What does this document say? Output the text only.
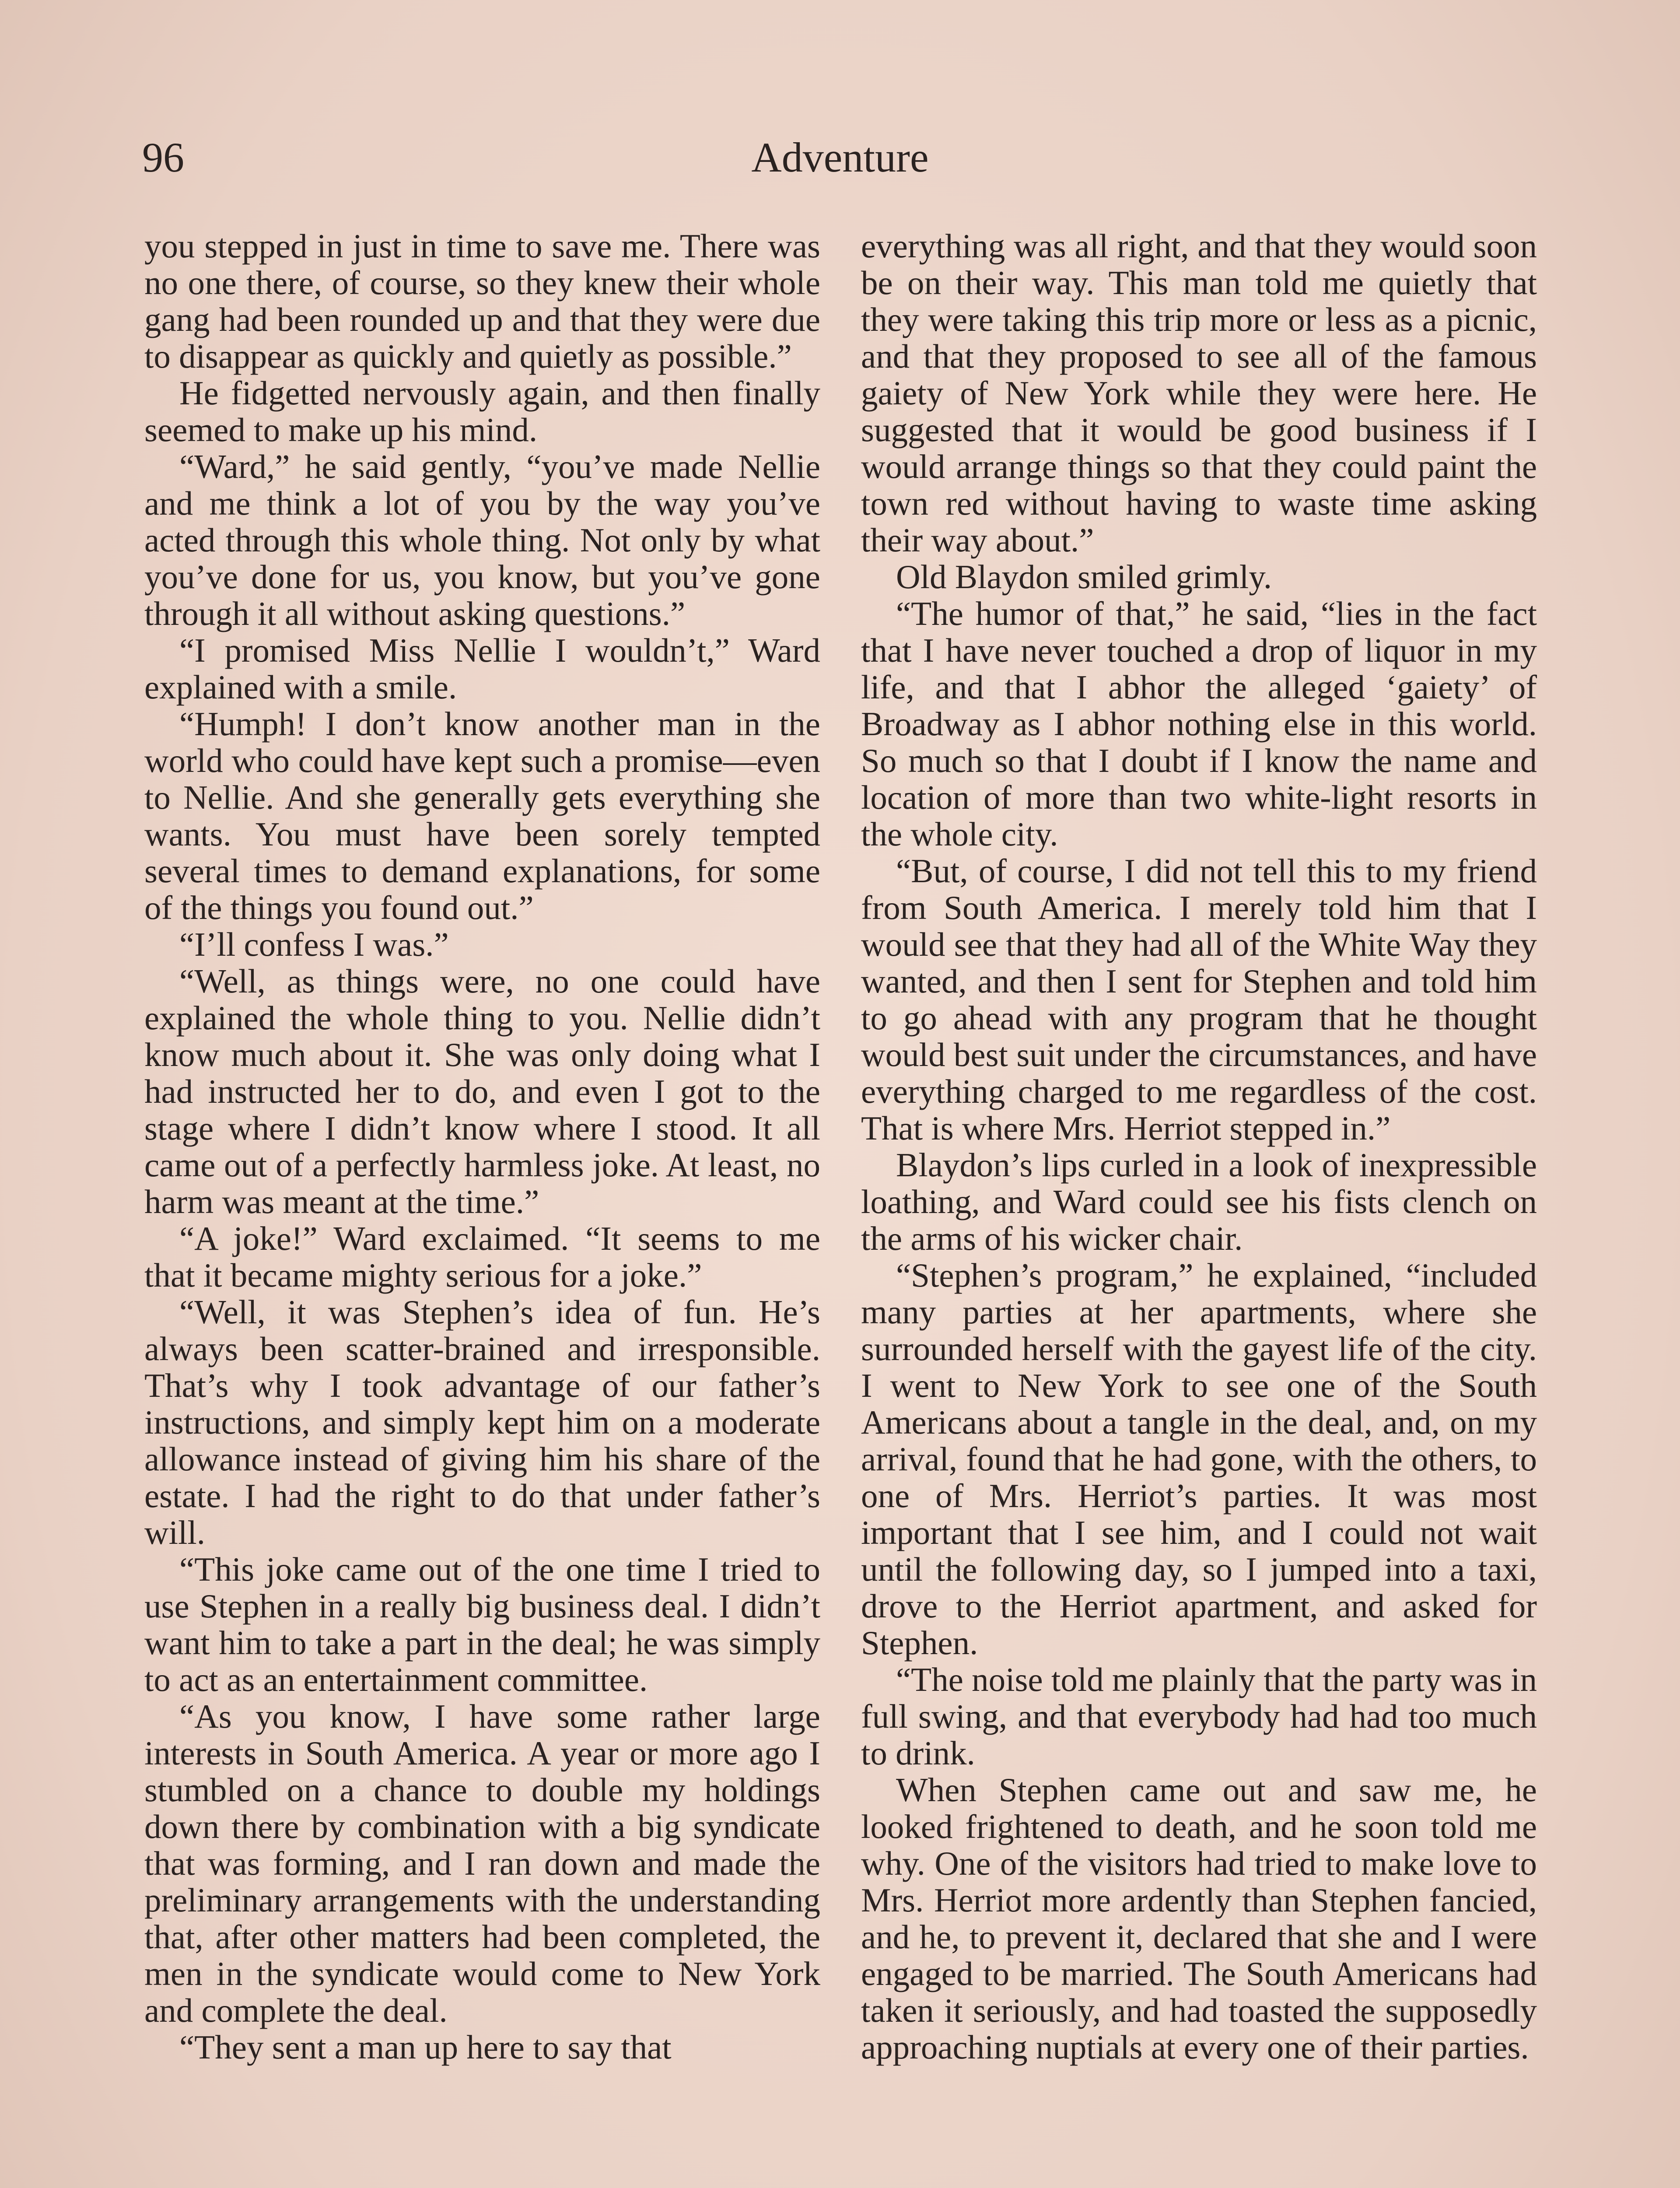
96	Adventure

you stepped in just in time to save me. There was no one there, of course, so they knew their whole gang had been rounded up and that they were due to disappear as quickly and quietly as possible.”

He fidgetted nervously again, and then finally seemed to make up his mind.

“Ward,” he said gently, “you’ve made Nellie and me think a lot of you by the way you’ve acted through this whole thing. Not only by what you’ve done for us, you know, but you’ve gone through it all without asking questions.”

“I promised Miss Nellie I wouldn’t,” Ward explained with a smile.

“Humph! I don’t know another man in the world who could have kept such a promise—even to Nellie. And she generally gets everything she wants. You must have been sorely tempted several times to demand explanations, for some of the things you found out.”

“I’ll confess I was.”

“Well, as things were, no one could have explained the whole thing to you. Nellie didn’t know much about it. She was only doing what I had instructed her to do, and even I got to the stage where I didn’t know where I stood. It all came out of a perfectly harmless joke. At least, no harm was meant at the time.”

“A joke!” Ward exclaimed. “It seems to me that it became mighty serious for a joke.”

“Well, it was Stephen’s idea of fun. He’s always been scatter-brained and irresponsible. That’s why I took advantage of our father’s instructions, and simply kept him on a moderate allowance instead of giving him his share of the estate. I had the right to do that under father’s will.

“This joke came out of the one time I tried to use Stephen in a really big business deal. I didn’t want him to take a part in the deal; he was simply to act as an entertainment committee.

“As you know, I have some rather large interests in South America. A year or more ago I stumbled on a chance to double my holdings down there by combination with a big syndicate that was forming, and I ran down and made the preliminary arrangements with the understanding that, after other matters had been completed, the men in the syndicate would come to New York and complete the deal.

“They sent a man up here to say that

everything was all right, and that they would soon be on their way. This man told me quietly that they were taking this trip more or less as a picnic, and that they proposed to see all of the famous gaiety of New York while they were here. He suggested that it would be good business if I would arrange things so that they could paint the town red without having to waste time asking their way about.”

Old Blaydon smiled grimly.

“The humor of that,” he said, “lies in the fact that I have never touched a drop of liquor in my life, and that I abhor the alleged ‘gaiety’ of Broadway as I abhor nothing else in this world. So much so that I doubt if I know the name and location of more than two white-light resorts in the whole city.

“But, of course, I did not tell this to my friend from South America. I merely told him that I would see that they had all of the White Way they wanted, and then I sent for Stephen and told him to go ahead with any program that he thought would best suit under the circumstances, and have everything charged to me regardless of the cost. That is where Mrs. Herriot stepped in.”

Blaydon’s lips curled in a look of inexpressible loathing, and Ward could see his fists clench on the arms of his wicker chair.

“Stephen’s program,” he explained, “included many parties at her apartments, where she surrounded herself with the gayest life of the city. I went to New York to see one of the South Americans about a tangle in the deal, and, on my arrival, found that he had gone, with the others, to one of Mrs. Herriot’s parties. It was most important that I see him, and I could not wait until the following day, so I jumped into a taxi, drove to the Herriot apartment, and asked for Stephen.

“The noise told me plainly that the party was in full swing, and that everybody had had too much to drink.

When Stephen came out and saw me, he looked frightened to death, and he soon told me why. One of the visitors had tried to make love to Mrs. Herriot more ardently than Stephen fancied, and he, to prevent it, declared that she and I were engaged to be married. The South Americans had taken it seriously, and had toasted the supposedly approaching nuptials at every one of their parties.
